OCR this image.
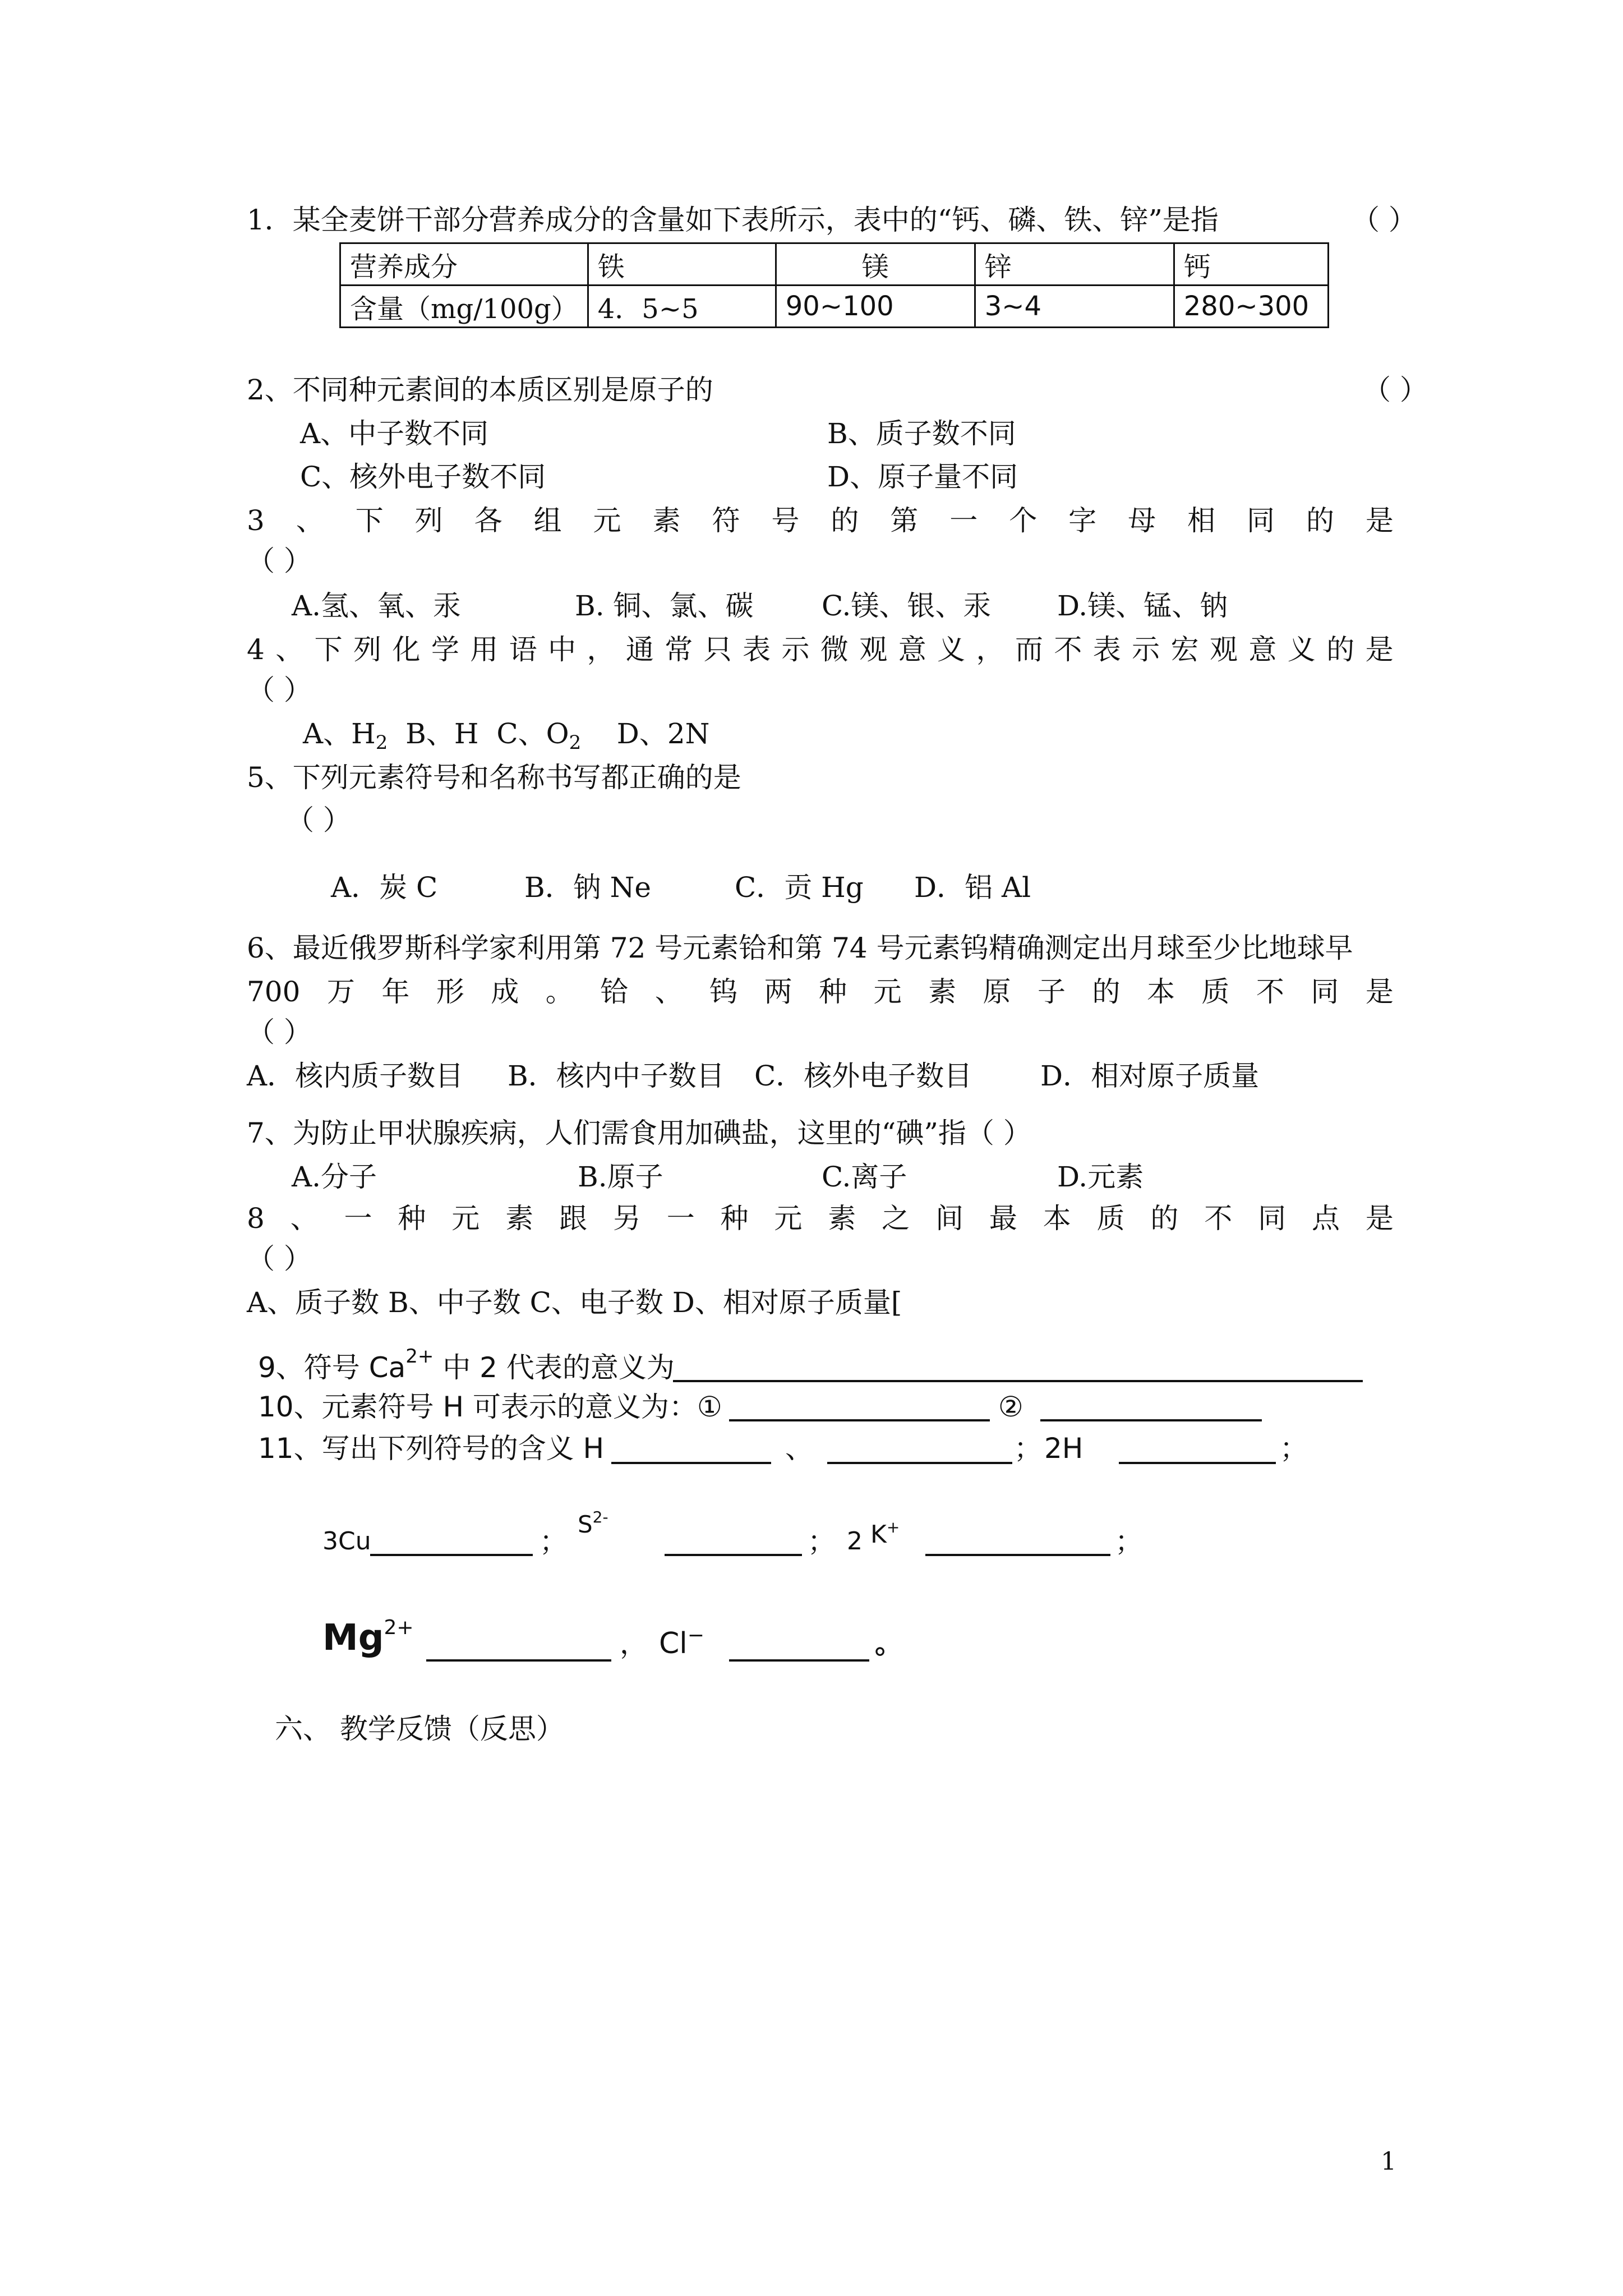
1．某全麦饼干部分营养成分的含量如下表所示，表中的“钙、磷、铁、锌”是指	（ ）
营养成分	铁	镁	锌	钙
含量（mg/100g）	4．5~5	90~100	3~4	280~300
2、不同种元素间的本质区别是原子的	（ ）
A、中子数不同	B、质子数不同
C、核外电子数不同	D、原子量不同
3 、 下 列 各 组 元 素 符 号 的 第 一 个 字 母 相 同 的 是
（ ）
A.氢、氧、汞	B. 铜、氯、碳 C.镁、银、汞 D.镁、锰、钠
4 、 下 列 化 学 用 语 中 ， 通 常 只 表 示 微 观 意 义 ， 而 不 表 示 宏 观 意 义 的 是
（ ）
A、$H_2$ B、H C、$O_2$ D、2N
5、下列元素符号和名称书写都正确的是
（ ）
A．炭 C	B．钠 Ne	C．贡 Hg D．铝 Al
6、最近俄罗斯科学家利用第 72 号元素铪和第 74 号元素钨精确测定出月球至少比地球早
700 万 年 形 成 。 铪 、 钨 两 种 元 素 原 子 的 本 质 不 同 是
（ ）
A．核内质子数目 B．核内中子数目 C．核外电子数目 D．相对原子质量
7、为防止甲状腺疾病，人们需食用加碘盐，这里的“碘”指（ ）
A.分子	B.原子	C.离子	D.元素
8 、 一 种 元 素 跟 另 一 种 元 素 之 间 最 本 质 的 不 同 点 是
（ ）
A、质子数 B、中子数 C、电子数 D、相对原子质量[
9、符号 $Ca^{2+}$ 中 2 代表的意义为
10、元素符号 H 可表示的意义为：①	②
11、写出下列符号的含义 H	、	； 2H	；
3Cu	；
$S^{2-}$
； 2 K+	；
$Mg^{2+}$	， Cl−	。
六、 教学反馈（反思）
1
